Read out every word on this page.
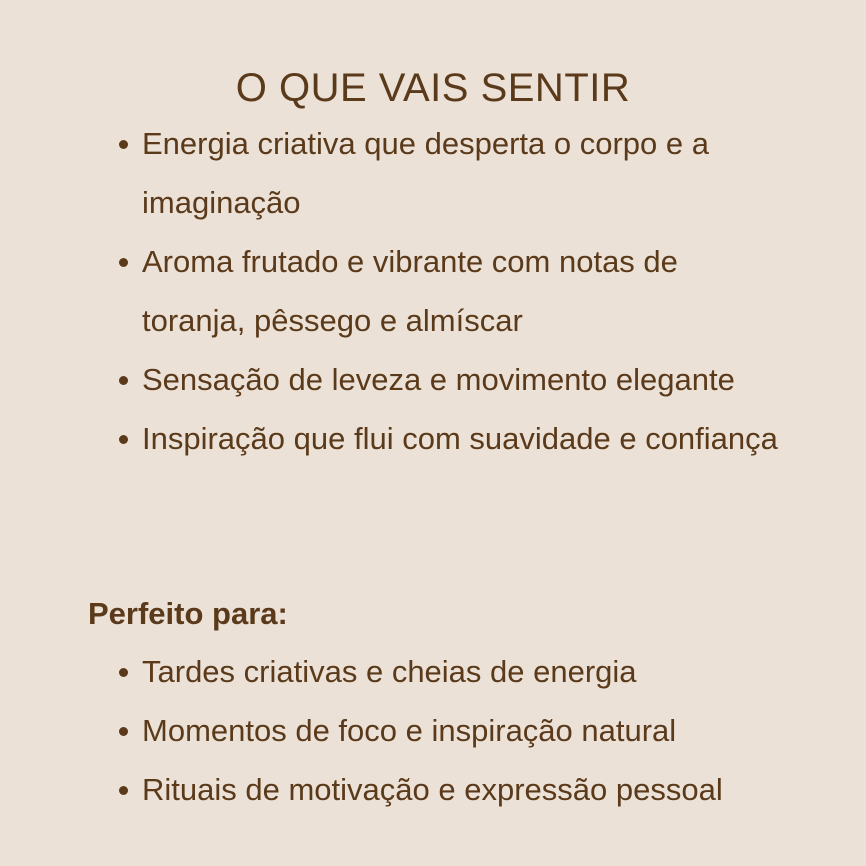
O QUE VAIS SENTIR
Energia criativa que desperta o corpo e a imaginação
Aroma frutado e vibrante com notas de toranja, pêssego e almíscar
Sensação de leveza e movimento elegante
Inspiração que flui com suavidade e confiança
Perfeito para:
Tardes criativas e cheias de energia
Momentos de foco e inspiração natural
Rituais de motivação e expressão pessoal
